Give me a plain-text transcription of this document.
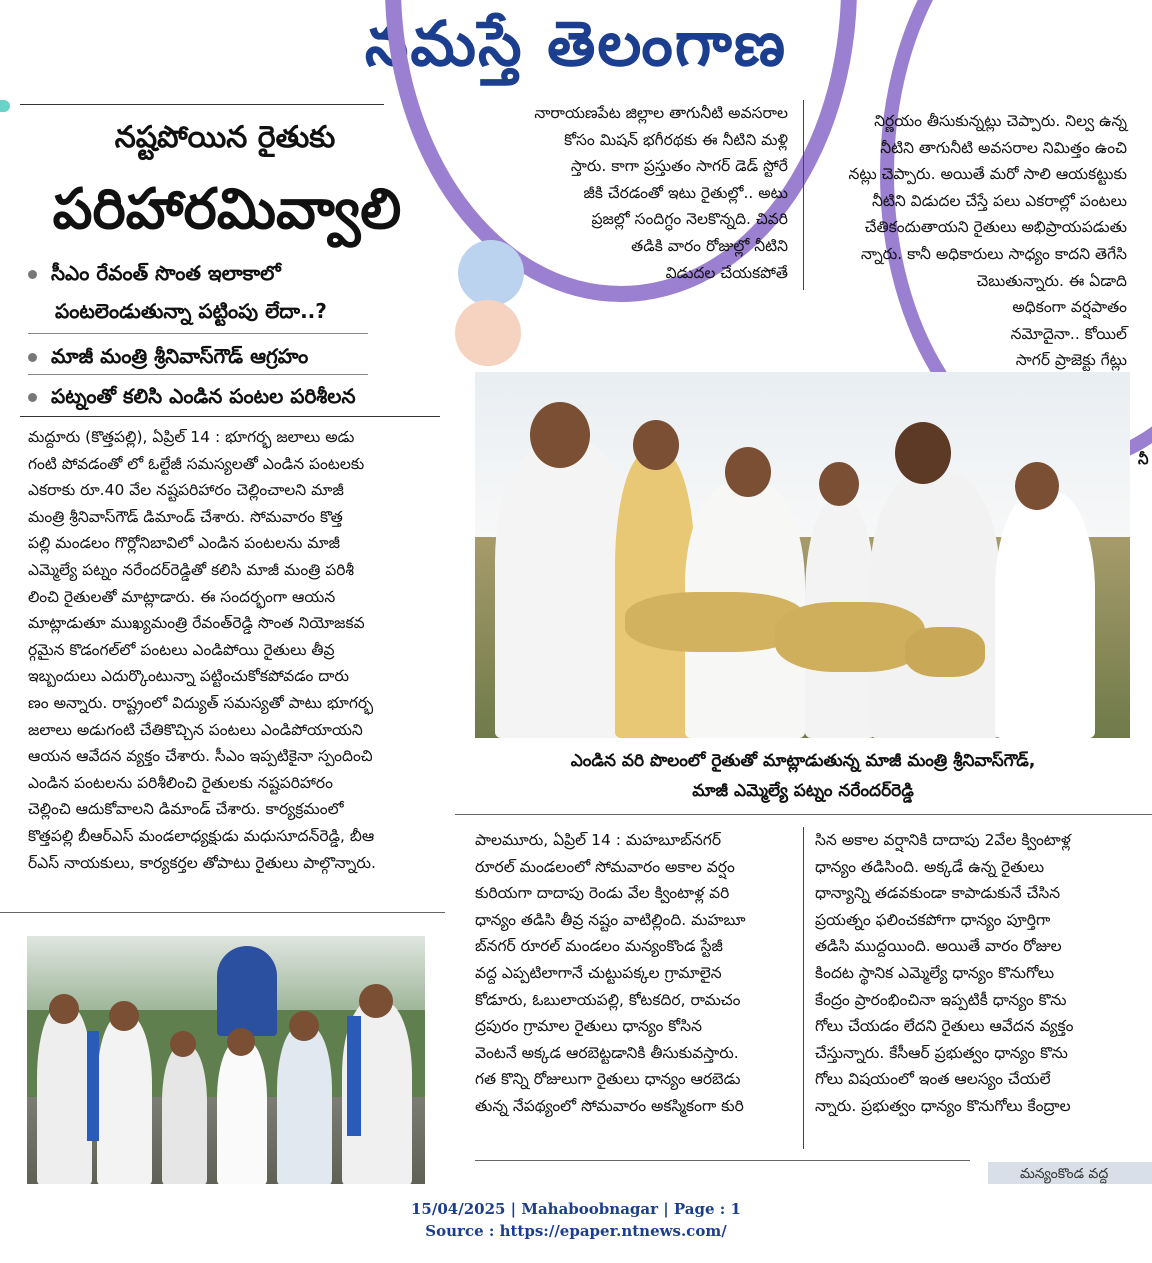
నమస్తే తెలంగాణ
నష్టపోయిన రైతుకు
పరిహారమివ్వాలి
సీఎం రేవంత్‌ సొంత ఇలాకాలో
పంటలెండుతున్నా పట్టింపు లేదా..?
మాజీ మంత్రి శ్రీనివాస్‌గౌడ్‌ ఆగ్రహం
పట్నంతో కలిసి ఎండిన పంటల పరిశీలన

మద్దూరు (కొత్తపల్లి), ఏప్రిల్‌ 14 : భూగర్భ జలాలు అడు

గంటి పోవడంతో లో ఓల్టేజీ సమస్యలతో ఎండిన పంటలకు

ఎకరాకు రూ.40 వేల నష్టపరిహారం చెల్లించాలని మాజీ

మంత్రి శ్రీనివాస్‌గౌడ్‌ డిమాండ్‌ చేశారు. సోమవారం కొత్త

పల్లి మండలం గొర్లోనిబావిలో ఎండిన పంటలను మాజీ

ఎమ్మెల్యే పట్నం నరేందర్‌రెడ్డితో కలిసి మాజీ మంత్రి పరిశీ

లించి రైతులతో మాట్లాడారు. ఈ సందర్భంగా ఆయన

మాట్లాడుతూ ముఖ్యమంత్రి రేవంత్‌రెడ్డి సొంత నియోజకవ

ర్గమైన కొడంగల్‌లో పంటలు ఎండిపోయి రైతులు తీవ్ర

ఇబ్బందులు ఎదుర్కొంటున్నా పట్టించుకోకపోవడం దారు

ణం అన్నారు. రాష్ట్రంలో విద్యుత్‌ సమస్యతో పాటు భూగర్భ

జలాలు అడుగంటి చేతికొచ్చిన పంటలు ఎండిపోయాయని

ఆయన ఆవేదన వ్యక్తం చేశారు. సీఎం ఇప్పటికైనా స్పందించి

ఎండిన పంటలను పరిశీలించి రైతులకు నష్టపరిహారం

చెల్లించి ఆదుకోవాలని డిమాండ్‌ చేశారు. కార్యక్రమంలో

కొత్తపల్లి బీఆర్‌ఎస్‌ మండలాధ్యక్షుడు మధుసూదన్‌రెడ్డి, బీఆ

ర్‌ఎస్‌ నాయకులు, కార్యకర్తల తోపాటు రైతులు పాల్గొన్నారు.

నారాయణపేట జిల్లాల తాగునీటి అవసరాల

కోసం మిషన్‌ భగీరథకు ఈ నీటిని మళ్లి

స్తారు. కాగా ప్రస్తుతం సాగర్‌ డెడ్‌ స్టోరే

జీకి చేరడంతో ఇటు రైతుల్లో.. అటు

ప్రజల్లో సందిగ్ధం నెలకొన్నది. చివరి

తడికి వారం రోజుల్లో నీటిని

విడుదల చేయకపోతే

నిర్ణయం తీసుకున్నట్లు చెప్పారు. నిల్వ ఉన్న

నీటిని తాగునీటి అవసరాల నిమిత్తం ఉంచి

నట్లు చెప్పారు. అయితే మరో సాలి ఆయకట్టుకు

నీటిని విడుదల చేస్తే పలు ఎకరాల్లో పంటలు

చేతికందుతాయని రైతులు అభిప్రాయపడుతు

న్నారు. కానీ అధికారులు సాధ్యం కాదని తెగేసి

చెబుతున్నారు. ఈ ఏడాది

అధికంగా వర్షపాతం

నమోదైనా.. కోయిల్‌

సాగర్‌ ప్రాజెక్టు గేట్లు

నీ
ఎండిన వరి పొలంలో రైతుతో మాట్లాడుతున్న మాజీ మంత్రి శ్రీనివాస్‌గౌడ్‌,
మాజీ ఎమ్మెల్యే పట్నం నరేందర్‌రెడ్డి

పాలమూరు, ఏప్రిల్‌ 14 : మహబూబ్‌నగర్‌

రూరల్‌ మండలంలో సోమవారం అకాల వర్షం

కురియగా దాదాపు రెండు వేల క్వింటాళ్ల వరి

ధాన్యం తడిసి తీవ్ర నష్టం వాటిల్లింది. మహబూ

బ్‌నగర్‌ రూరల్‌ మండలం మన్యంకొండ స్టేజీ

వద్ద ఎప్పటిలాగానే చుట్టుపక్కల గ్రామాలైన

కోడూరు, ఓబులాయపల్లి, కోటకదిర, రామచం

ద్రపురం గ్రామాల రైతులు ధాన్యం కోసిన

వెంటనే అక్కడ ఆరబెట్టడానికి తీసుకువస్తారు.

గత కొన్ని రోజులుగా రైతులు ధాన్యం ఆరబెడు

తున్న నేపథ్యంలో సోమవారం అకస్మికంగా కురి

సిన అకాల వర్షానికి దాదాపు 2వేల క్వింటాళ్ల

ధాన్యం తడిసింది. అక్కడే ఉన్న రైతులు

ధాన్యాన్ని తడవకుండా కాపాడుకునే చేసిన

ప్రయత్నం ఫలించకపోగా ధాన్యం పూర్తిగా

తడిసి ముద్దయింది. అయితే వారం రోజుల

కిందట స్థానిక ఎమ్మెల్యే ధాన్యం కొనుగోలు

కేంద్రం ప్రారంభించినా ఇప్పటికీ ధాన్యం కొను

గోలు చేయడం లేదని రైతులు ఆవేదన వ్యక్తం

చేస్తున్నారు. కేసీఆర్‌ ప్రభుత్వం ధాన్యం కొను

గోలు విషయంలో ఇంత ఆలస్యం చేయలే

న్నారు. ప్రభుత్వం ధాన్యం కొనుగోలు కేంద్రాల

మన్యంకొండ వద్ద
15/04/2025 | Mahaboobnagar | Page : 1
Source : https://epaper.ntnews.com/
